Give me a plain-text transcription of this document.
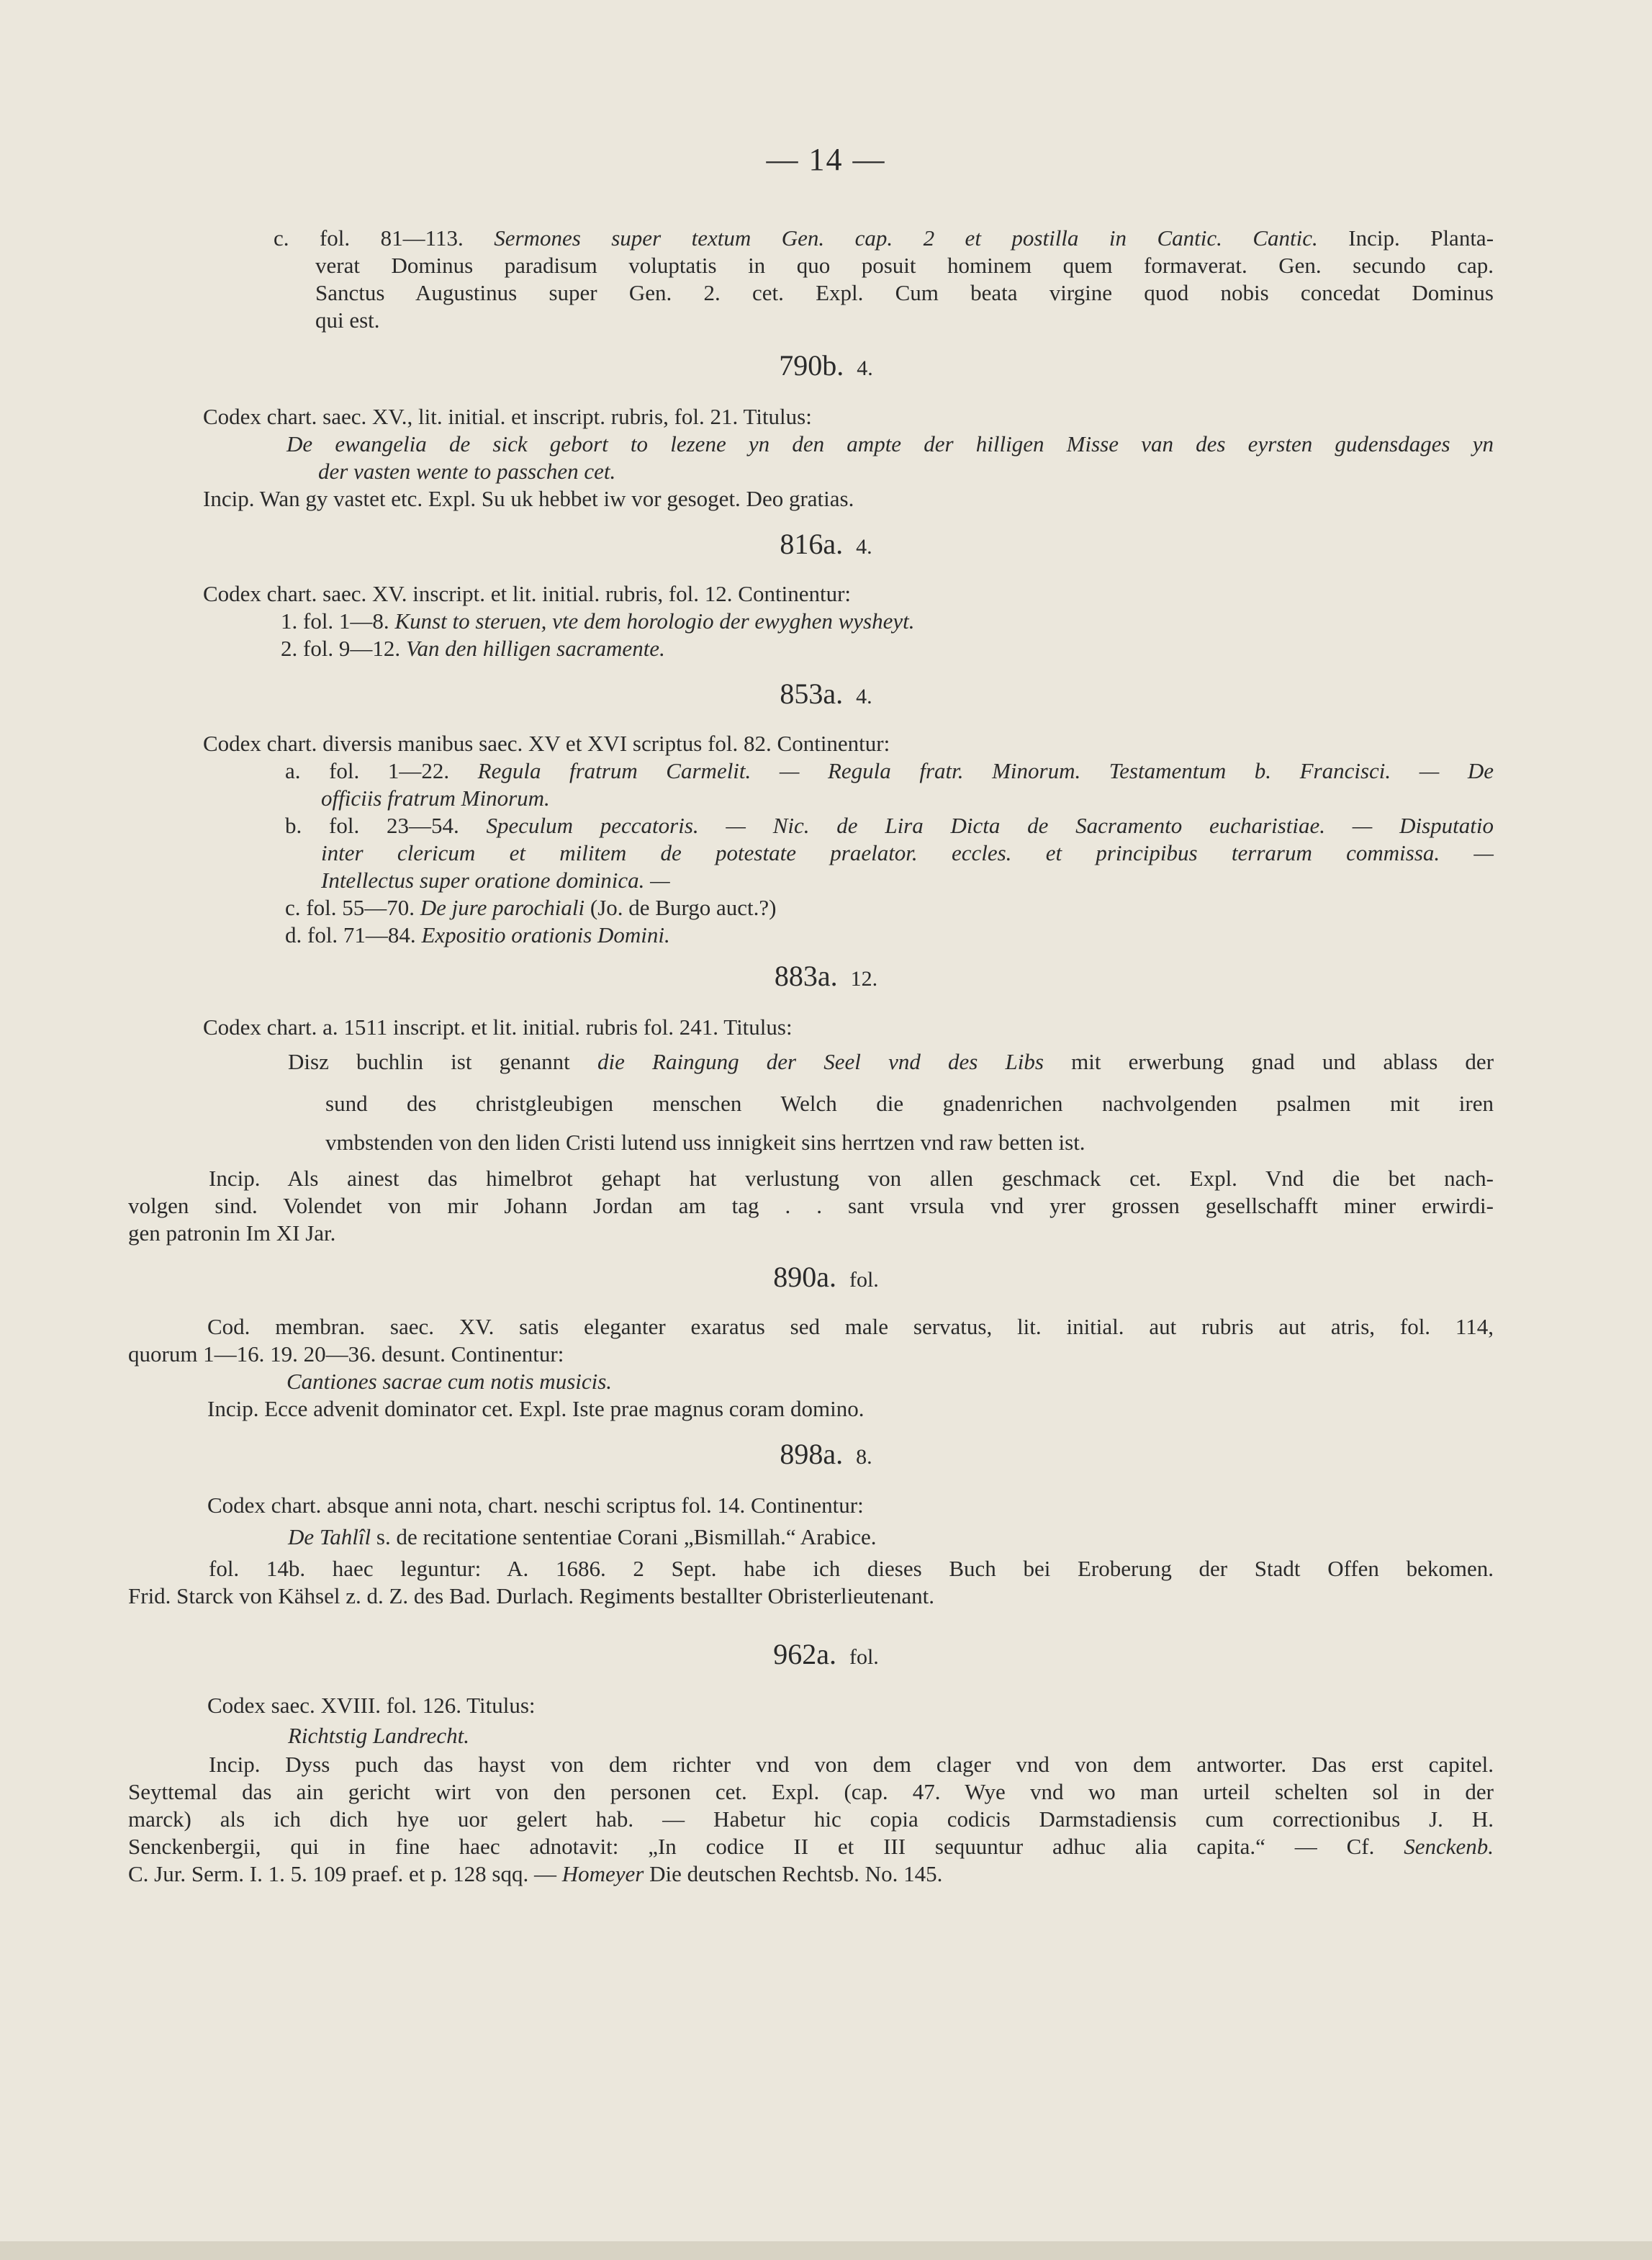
— 14 —
c. fol. 81—113. Sermones super textum Gen. cap. 2 et postilla in Cantic. Cantic. Incip. Planta-
verat Dominus paradisum voluptatis in quo posuit hominem quem formaverat. Gen. secundo cap.
Sanctus Augustinus super Gen. 2. cet. Expl. Cum beata virgine quod nobis concedat Dominus
qui est.
790b. 4.
Codex chart. saec. XV., lit. initial. et inscript. rubris, fol. 21. Titulus:
De ewangelia de sick gebort to lezene yn den ampte der hilligen Misse van des eyrsten gudensdages yn
der vasten wente to passchen cet.
Incip. Wan gy vastet etc. Expl. Su uk hebbet iw vor gesoget. Deo gratias.
816a. 4.
Codex chart. saec. XV. inscript. et lit. initial. rubris, fol. 12. Continentur:
1. fol. 1—8. Kunst to steruen, vte dem horologio der ewyghen wysheyt.
2. fol. 9—12. Van den hilligen sacramente.
853a. 4.
Codex chart. diversis manibus saec. XV et XVI scriptus fol. 82. Continentur:
a. fol. 1—22. Regula fratrum Carmelit. — Regula fratr. Minorum. Testamentum b. Francisci. — De
officiis fratrum Minorum.
b. fol. 23—54. Speculum peccatoris. — Nic. de Lira Dicta de Sacramento eucharistiae. — Disputatio
inter clericum et militem de potestate praelator. eccles. et principibus terrarum commissa. —
Intellectus super oratione dominica. —
c. fol. 55—70. De jure parochiali (Jo. de Burgo auct.?)
d. fol. 71—84. Expositio orationis Domini.
883a. 12.
Codex chart. a. 1511 inscript. et lit. initial. rubris fol. 241. Titulus:
Disz buchlin ist genannt die Raingung der Seel vnd des Libs mit erwerbung gnad und ablass der
sund des christgleubigen menschen Welch die gnadenrichen nachvolgenden psalmen mit iren
vmbstenden von den liden Cristi lutend uss innigkeit sins herrtzen vnd raw betten ist.
Incip. Als ainest das himelbrot gehapt hat verlustung von allen geschmack cet. Expl. Vnd die bet nach-
volgen sind. Volendet von mir Johann Jordan am tag . . sant vrsula vnd yrer grossen gesellschafft miner erwirdi-
gen patronin Im XI Jar.
890a. fol.
Cod. membran. saec. XV. satis eleganter exaratus sed male servatus, lit. initial. aut rubris aut atris, fol. 114,
quorum 1—16. 19. 20—36. desunt. Continentur:
Cantiones sacrae cum notis musicis.
Incip. Ecce advenit dominator cet. Expl. Iste prae magnus coram domino.
898a. 8.
Codex chart. absque anni nota, chart. neschi scriptus fol. 14. Continentur:
De Tahlîl s. de recitatione sententiae Corani „Bismillah.“ Arabice.
fol. 14b. haec leguntur: A. 1686. 2 Sept. habe ich dieses Buch bei Eroberung der Stadt Offen bekomen.
Frid. Starck von Kähsel z. d. Z. des Bad. Durlach. Regiments bestallter Obristerlieutenant.
962a. fol.
Codex saec. XVIII. fol. 126. Titulus:
Richtstig Landrecht.
Incip. Dyss puch das hayst von dem richter vnd von dem clager vnd von dem antworter. Das erst capitel.
Seyttemal das ain gericht wirt von den personen cet. Expl. (cap. 47. Wye vnd wo man urteil schelten sol in der
marck) als ich dich hye uor gelert hab. — Habetur hic copia codicis Darmstadiensis cum correctionibus J. H.
Senckenbergii, qui in fine haec adnotavit: „In codice II et III sequuntur adhuc alia capita.“ — Cf. Senckenb.
C. Jur. Serm. I. 1. 5. 109 praef. et p. 128 sqq. — Homeyer Die deutschen Rechtsb. No. 145.
